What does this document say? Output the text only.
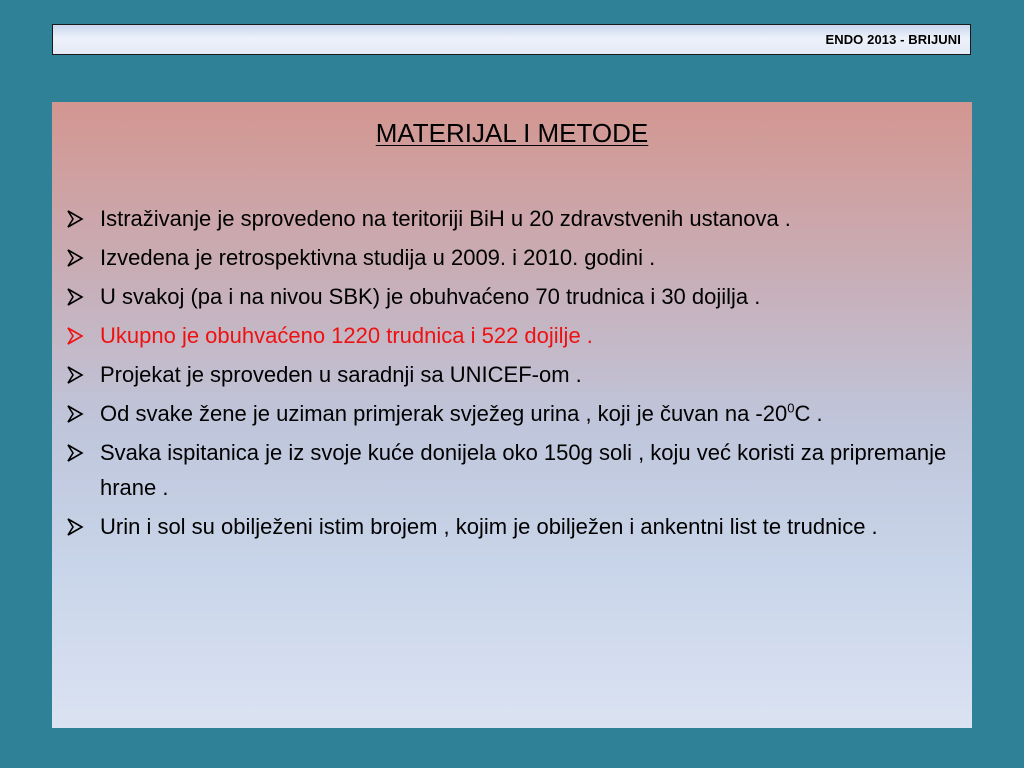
ENDO 2013 - BRIJUNI
MATERIJAL I METODE
Istraživanje je sprovedeno na teritoriji BiH u 20 zdravstvenih ustanova .
Izvedena je retrospektivna studija u 2009. i 2010. godini .
U svakoj (pa i na nivou SBK) je obuhvaćeno 70 trudnica i 30 dojilja .
Ukupno je obuhvaćeno 1220 trudnica i 522 dojilje .
Projekat je sproveden u saradnji sa UNICEF-om .
Od svake žene je uziman primjerak svježeg urina , koji je čuvan na $-20^0C$ .
Svaka ispitanica je iz svoje kuće donijela oko 150g soli , koju već koristi za pripremanje hrane .
Urin i sol su obilježeni istim brojem , kojim je obilježen i ankentni list te trudnice .
